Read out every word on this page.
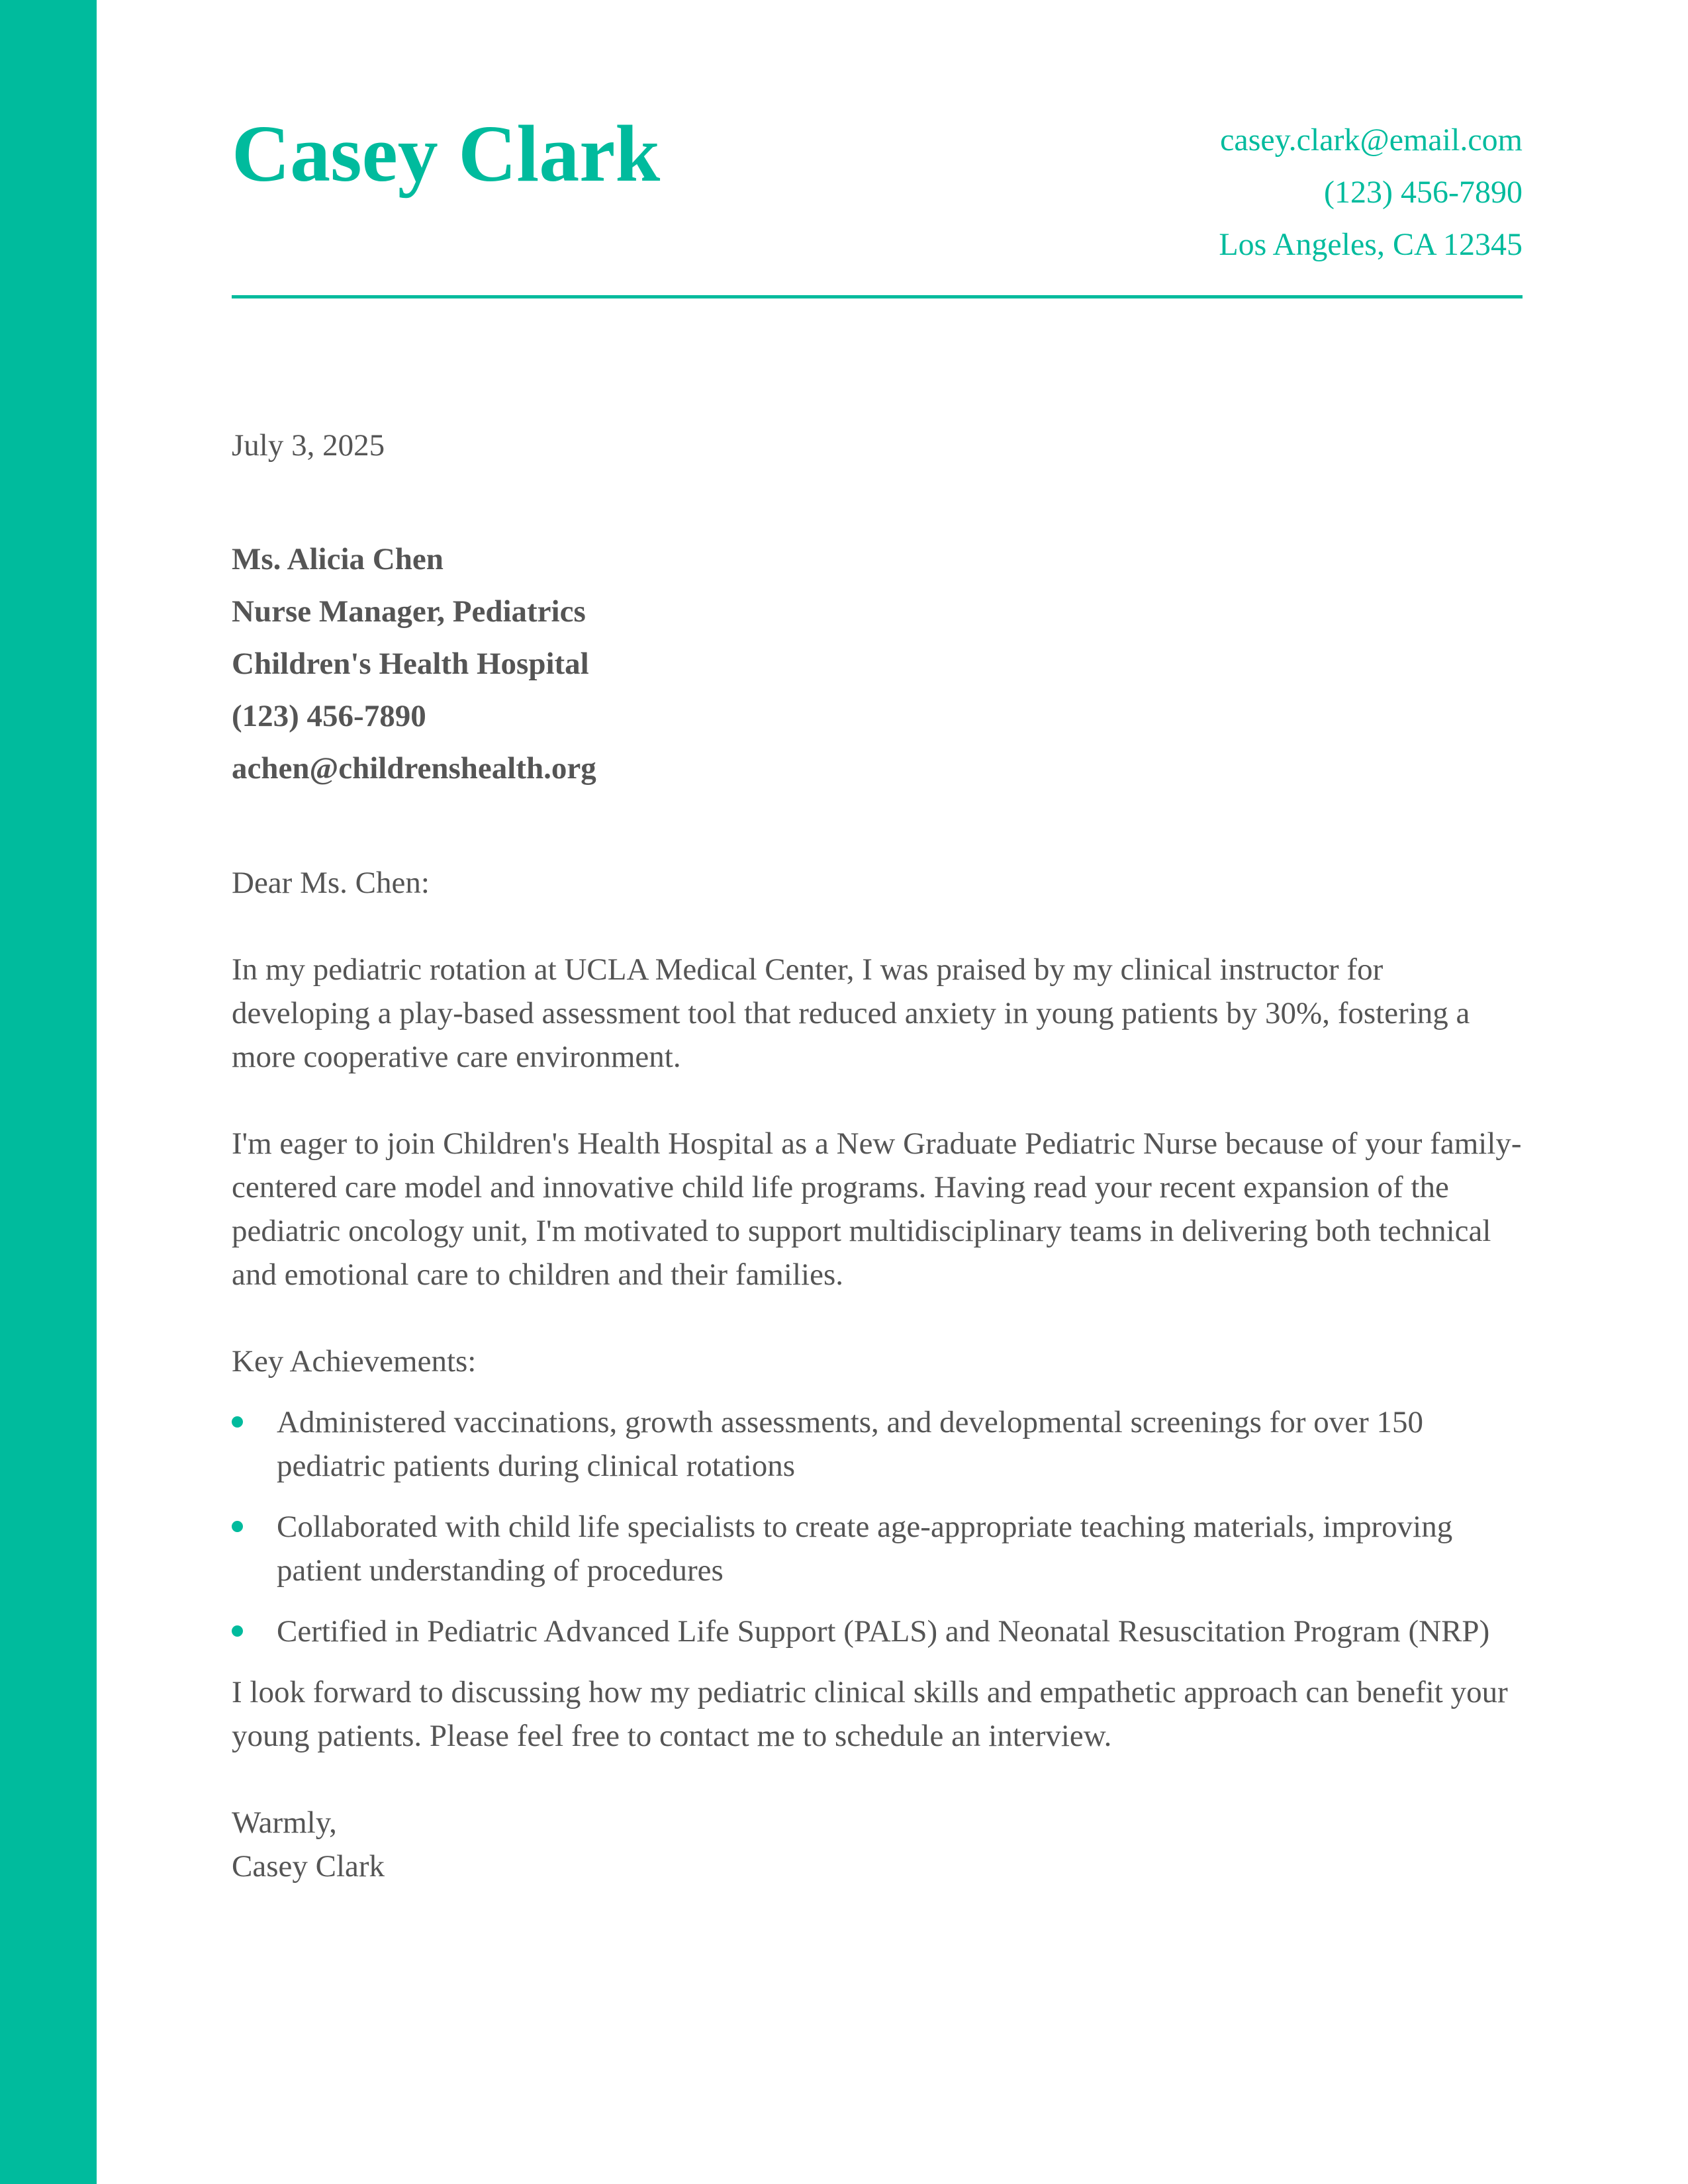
Casey Clark	casey.clark@email.com
(123) 456-7890
Los Angeles, CA 12345
July 3, 2025
Ms. Alicia Chen
Nurse Manager, Pediatrics
Children's Health Hospital
(123) 456-7890
achen@childrenshealth.org
Dear Ms. Chen:

In my pediatric rotation at UCLA Medical Center, I was praised by my clinical instructor for developing a play-based assessment tool that reduced anxiety in young patients by 30%, fostering a more cooperative care environment.

I'm eager to join Children's Health Hospital as a New Graduate Pediatric Nurse because of your family-centered care model and innovative child life programs. Having read your recent expansion of the pediatric oncology unit, I'm motivated to support multidisciplinary teams in delivering both technical and emotional care to children and their families.

Key Achievements:
Administered vaccinations, growth assessments, and developmental screenings for over 150 pediatric patients during clinical rotations
Collaborated with child life specialists to create age-appropriate teaching materials, improving patient understanding of procedures
Certified in Pediatric Advanced Life Support (PALS) and Neonatal Resuscitation Program (NRP)

I look forward to discussing how my pediatric clinical skills and empathetic approach can benefit your young patients. Please feel free to contact me to schedule an interview.

Warmly,
Casey Clark
